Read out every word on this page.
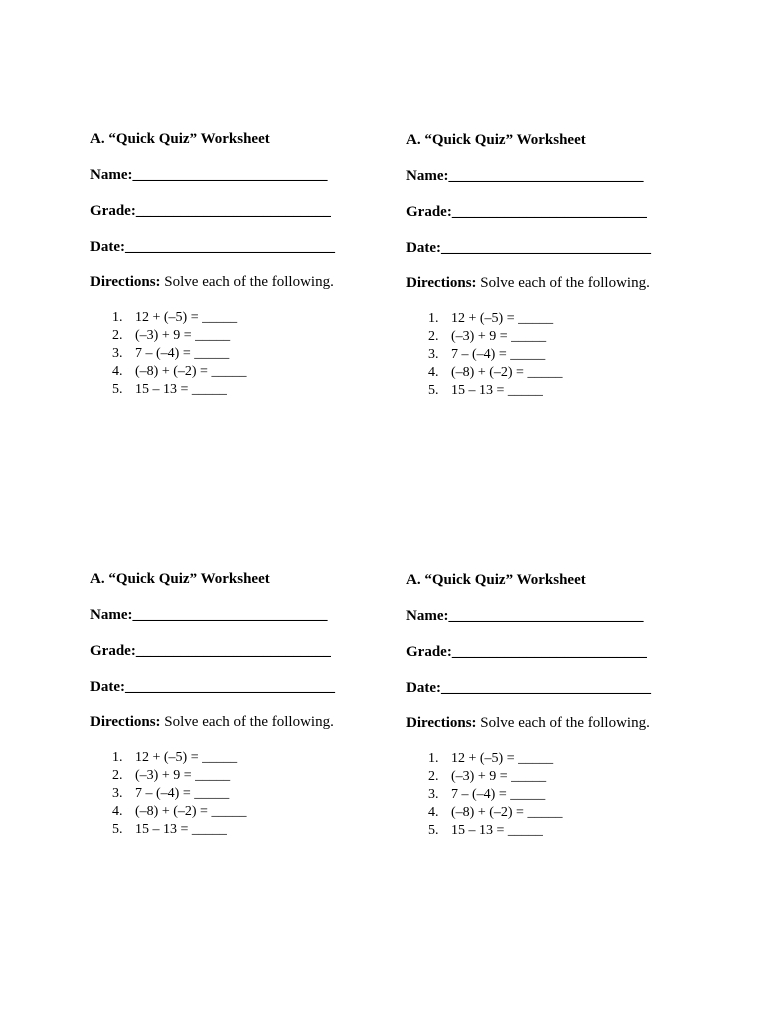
A. “Quick Quiz” Worksheet
Name:__________________________
Grade:__________________________
Date:____________________________
Directions: Solve each of the following.
1. 12 + (–5) = _____
2. (–3) + 9 = _____
3. 7 – (–4) = _____
4. (–8) + (–2) = _____
5. 15 – 13 = _____
A. “Quick Quiz” Worksheet
Name:__________________________
Grade:__________________________
Date:____________________________
Directions: Solve each of the following.
1. 12 + (–5) = _____
2. (–3) + 9 = _____
3. 7 – (–4) = _____
4. (–8) + (–2) = _____
5. 15 – 13 = _____
A. “Quick Quiz” Worksheet
Name:__________________________
Grade:__________________________
Date:____________________________
Directions: Solve each of the following.
1. 12 + (–5) = _____
2. (–3) + 9 = _____
3. 7 – (–4) = _____
4. (–8) + (–2) = _____
5. 15 – 13 = _____
A. “Quick Quiz” Worksheet
Name:__________________________
Grade:__________________________
Date:____________________________
Directions: Solve each of the following.
1. 12 + (–5) = _____
2. (–3) + 9 = _____
3. 7 – (–4) = _____
4. (–8) + (–2) = _____
5. 15 – 13 = _____
